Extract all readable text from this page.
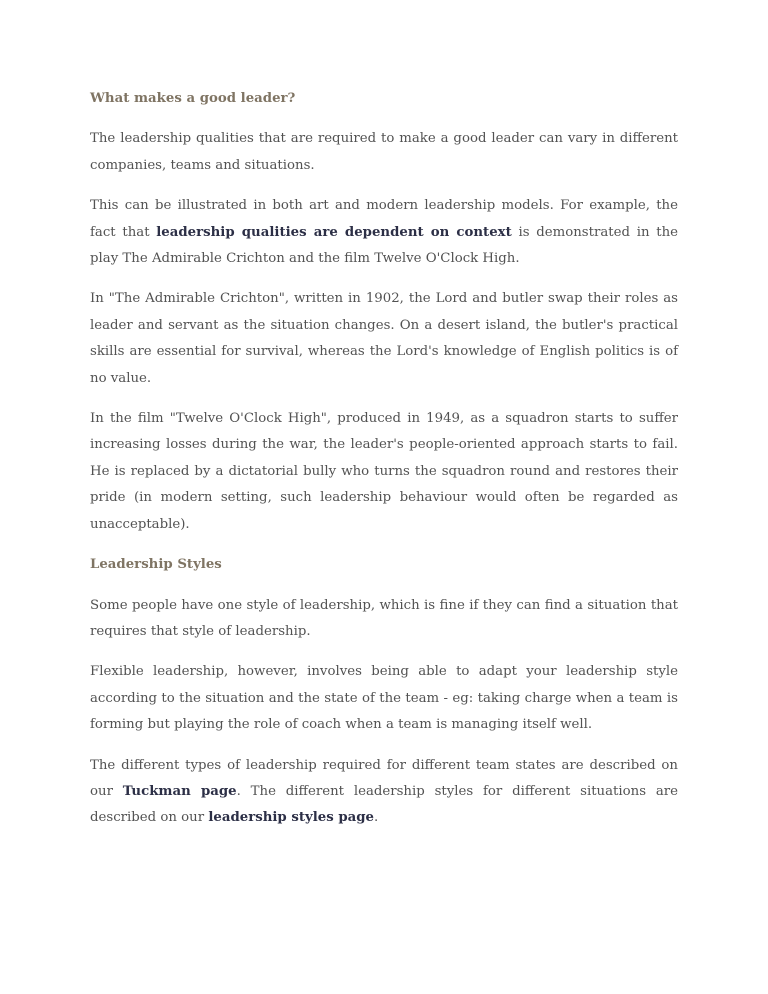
What makes a good leader?

The leadership qualities that are required to make a good leader can vary in different companies, teams and situations.

This can be illustrated in both art and modern leadership models. For example, the fact that leadership qualities are dependent on context is demonstrated in the play The Admirable Crichton and the film Twelve O'Clock High.

In "The Admirable Crichton", written in 1902, the Lord and butler swap their roles as leader and servant as the situation changes. On a desert island, the butler's practical skills are essential for survival, whereas the Lord's knowledge of English politics is of no value.

In the film "Twelve O'Clock High", produced in 1949, as a squadron starts to suffer increasing losses during the war, the leader's people-oriented approach starts to fail. He is replaced by a dictatorial bully who turns the squadron round and restores their pride (in modern setting, such leadership behaviour would often be regarded as unacceptable).

Leadership Styles

Some people have one style of leadership, which is fine if they can find a situation that requires that style of leadership.

Flexible leadership, however, involves being able to adapt your leadership style according to the situation and the state of the team - eg: taking charge when a team is forming but playing the role of coach when a team is managing itself well.

The different types of leadership required for different team states are described on our Tuckman page. The different leadership styles for different situations are described on our leadership styles page.
